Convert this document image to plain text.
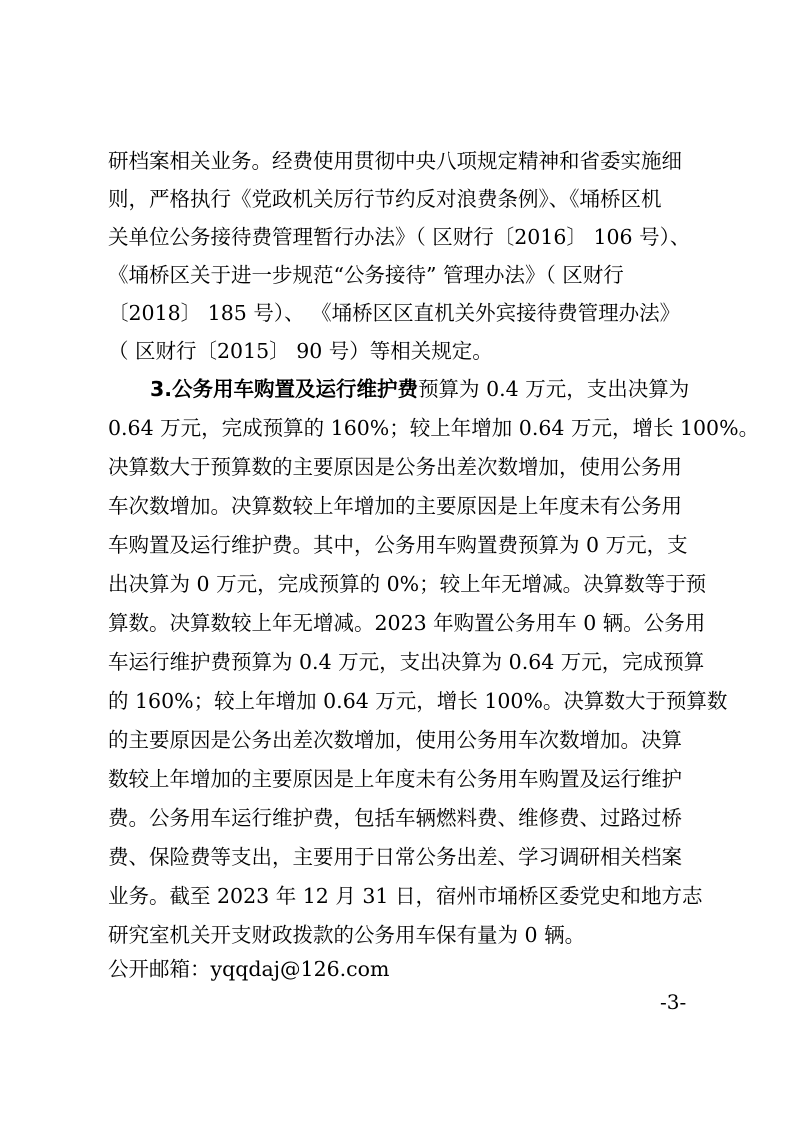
研档案相关业务。经费使用贯彻中央八项规定精神和省委实施细
则，严格执行《党政机关厉行节约反对浪费条例》、《埇桥区机
关单位公务接待费管理暂行办法》（ 区财行〔2016〕 106 号）、
《埇桥区关于进一步规范“公务接待” 管理办法》（ 区财行
〔2018〕 185 号）、 《埇桥区区直机关外宾接待费管理办法》
（ 区财行〔2015〕 90 号）等相关规定。
3.公务用车购置及运行维护费预算为 0.4 万元，支出决算为
0.64 万元，完成预算的 160%；较上年增加 0.64 万元，增长 100%。
决算数大于预算数的主要原因是公务出差次数增加，使用公务用
车次数增加。决算数较上年增加的主要原因是上年度未有公务用
车购置及运行维护费。其中，公务用车购置费预算为 0 万元，支
出决算为 0 万元，完成预算的 0%；较上年无增减。决算数等于预
算数。决算数较上年无增减。2023 年购置公务用车 0 辆。公务用
车运行维护费预算为 0.4 万元，支出决算为 0.64 万元，完成预算
的 160%；较上年增加 0.64 万元，增长 100%。决算数大于预算数
的主要原因是公务出差次数增加，使用公务用车次数增加。决算
数较上年增加的主要原因是上年度未有公务用车购置及运行维护
费。公务用车运行维护费，包括车辆燃料费、维修费、过路过桥
费、保险费等支出，主要用于日常公务出差、学习调研相关档案
业务。截至 2023 年 12 月 31 日，宿州市埇桥区委党史和地方志
研究室机关开支财政拨款的公务用车保有量为 0 辆。
公开邮箱：yqqdaj@126.com
-3-
